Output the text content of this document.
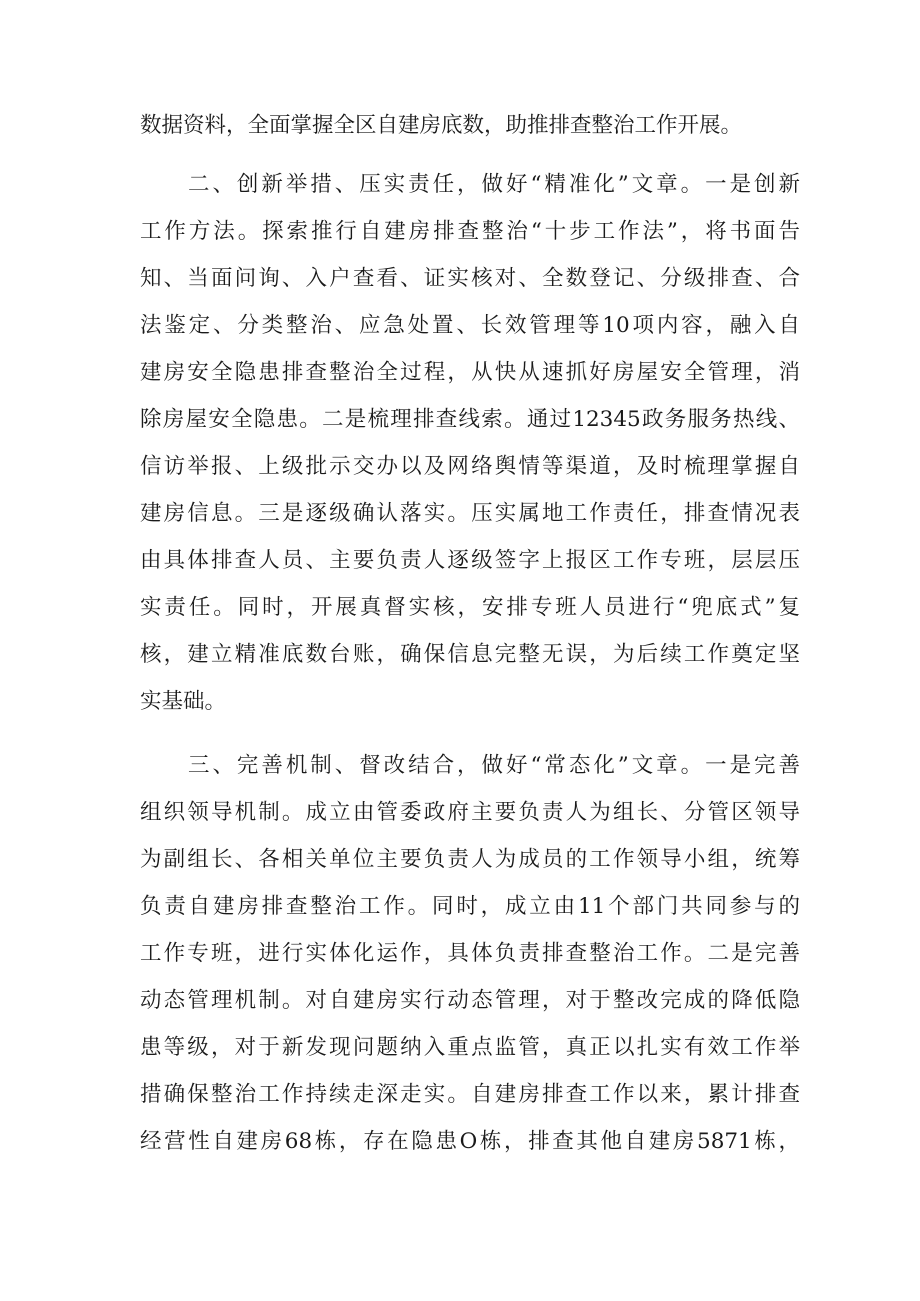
数据资料，全面掌握全区自建房底数，助推排查整治工作开展。
二、创新举措、压实责任，做好“精准化”文章。一是创新
工作方法。探索推行自建房排查整治“十步工作法”，将书面告
知、当面问询、入户查看、证实核对、全数登记、分级排查、合
法鉴定、分类整治、应急处置、长效管理等10项内容，融入自
建房安全隐患排查整治全过程，从快从速抓好房屋安全管理，消
除房屋安全隐患。二是梳理排查线索。通过12345政务服务热线、
信访举报、上级批示交办以及网络舆情等渠道，及时梳理掌握自
建房信息。三是逐级确认落实。压实属地工作责任，排查情况表
由具体排查人员、主要负责人逐级签字上报区工作专班，层层压
实责任。同时，开展真督实核，安排专班人员进行“兜底式”复
核，建立精准底数台账，确保信息完整无误，为后续工作奠定坚
实基础。
三、完善机制、督改结合，做好“常态化”文章。一是完善
组织领导机制。成立由管委政府主要负责人为组长、分管区领导
为副组长、各相关单位主要负责人为成员的工作领导小组，统筹
负责自建房排查整治工作。同时，成立由11个部门共同参与的
工作专班，进行实体化运作，具体负责排查整治工作。二是完善
动态管理机制。对自建房实行动态管理，对于整改完成的降低隐
患等级，对于新发现问题纳入重点监管，真正以扎实有效工作举
措确保整治工作持续走深走实。自建房排查工作以来，累计排查
经营性自建房68栋，存在隐患O栋，排查其他自建房5871栋，
